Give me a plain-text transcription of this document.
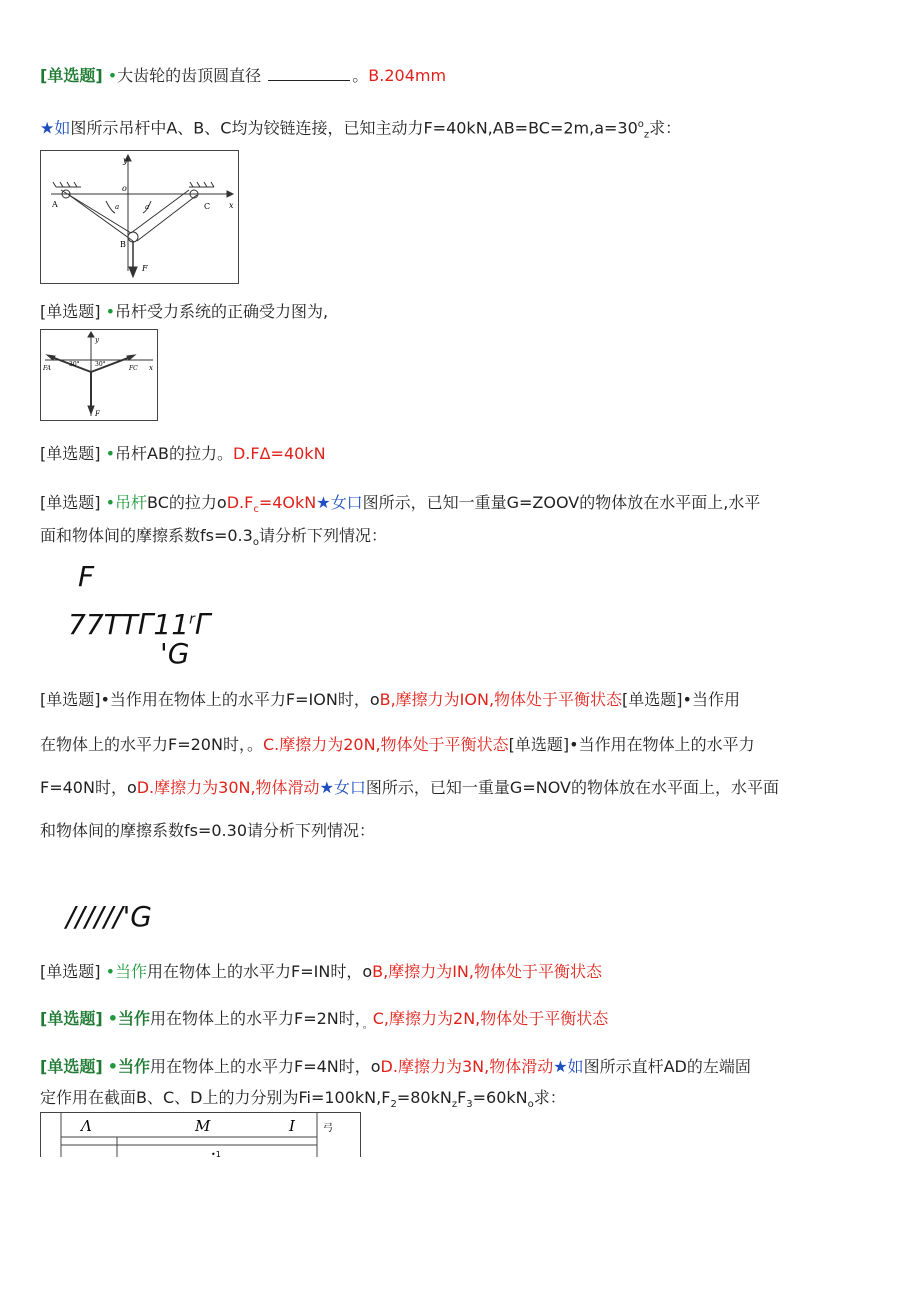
[单选题] •大齿轮的齿顶圆直径	。B.204mm
★如图所示吊杆中A、B、C均为铰链连接，已知主动力$F=40kN,AB=BC=2m,a=30^o_z$求：
y
o
x
A
B
C
a	a
F
[单选题] •吊杆受力系统的正确受力图为,
y
x
FA	FC
30°	30°
F
[单选题] •吊杆AB的拉力。D.FΔ=40kN
[单选题] •吊杆BC的拉力$oD.F_c=4OkN★$女口图所示，已知一重量G=ZOOV的物体放在水平面上,水平
面和物体间的摩擦系数$fs=0.3_o$请分析下列情况：
F
77TTΓ11$^r$Γ
'G
[单选题]•当作用在物体上的水平力F=ION时，oB,摩擦力为ION,物体处于平衡状态[单选题]•当作用
在物体上的水平力F=20N时，。C.摩擦力为20N,物体处于平衡状态[单选题]•当作用在物体上的水平力
F=40N时，oD.摩擦力为30N,物体滑动★女口图所示，已知一重量G=NOV的物体放在水平面上，水平面
和物体间的摩擦系数fs=0.30请分析下列情况：
//////'G
[单选题] •当作用在物体上的水平力F=IN时，oB,摩擦力为IN,物体处于平衡状态
[单选题] •当作用在物体上的水平力F=2N时，$_。$C,摩擦力为2N,物体处于平衡状态
[单选题] •当作用在物体上的水平力F=4N时，oD.摩擦力为3N,物体滑动★如图所示直杆AD的左端固
定作用在截面B、C、D上的力分别为$Fi=100kN,F_2=80kN_zF_3=60kN_o$求：
Λ	M	I	弓
•1
